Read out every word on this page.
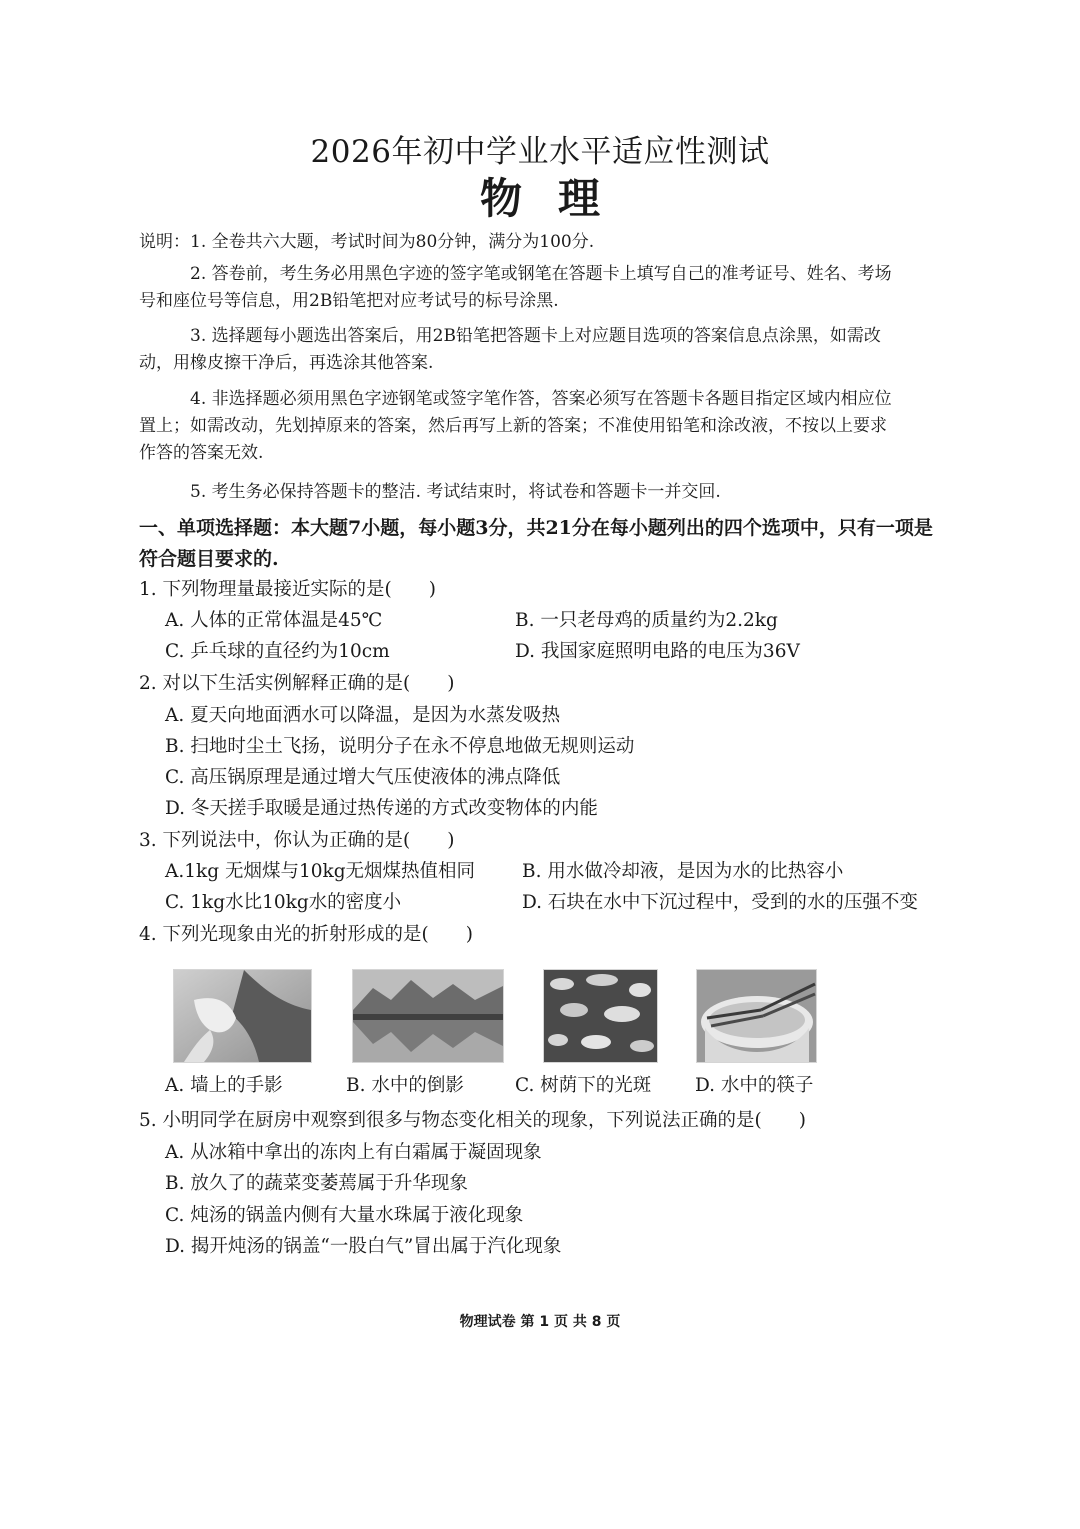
2026年初中学业水平适应性测试
物理
说明：1. 全卷共六大题，考试时间为80分钟，满分为100分.
2. 答卷前，考生务必用黑色字迹的签字笔或钢笔在答题卡上填写自己的准考证号、姓名、考场
号和座位号等信息，用2B铅笔把对应考试号的标号涂黑.
3. 选择题每小题选出答案后，用2B铅笔把答题卡上对应题目选项的答案信息点涂黑，如需改
动，用橡皮擦干净后，再选涂其他答案.
4. 非选择题必须用黑色字迹钢笔或签字笔作答，答案必须写在答题卡各题目指定区域内相应位
置上；如需改动，先划掉原来的答案，然后再写上新的答案；不准使用铅笔和涂改液，不按以上要求
作答的答案无效.
5. 考生务必保持答题卡的整洁. 考试结束时，将试卷和答题卡一并交回.
一、单项选择题：本大题7小题，每小题3分，共21分在每小题列出的四个选项中，只有一项是
符合题目要求的.
1. 下列物理量最接近实际的是(　　)
A. 人体的正常体温是45℃	B. 一只老母鸡的质量约为2.2kg
C. 乒乓球的直径约为10cm	D. 我国家庭照明电路的电压为36V
2. 对以下生活实例解释正确的是(　　)
A. 夏天向地面洒水可以降温，是因为水蒸发吸热
B. 扫地时尘土飞扬，说明分子在永不停息地做无规则运动
C. 高压锅原理是通过增大气压使液体的沸点降低
D. 冬天搓手取暖是通过热传递的方式改变物体的内能
3. 下列说法中，你认为正确的是(　　)
A.1kg 无烟煤与10kg无烟煤热值相同	B. 用水做冷却液，是因为水的比热容小
C. 1kg水比10kg水的密度小	D. 石块在水中下沉过程中，受到的水的压强不变
4. 下列光现象由光的折射形成的是(　　)
A. 墙上的手影	B. 水中的倒影	C. 树荫下的光斑 D. 水中的筷子
5. 小明同学在厨房中观察到很多与物态变化相关的现象，下列说法正确的是(　　)
A. 从冰箱中拿出的冻肉上有白霜属于凝固现象
B. 放久了的蔬菜变萎蔫属于升华现象
C. 炖汤的锅盖内侧有大量水珠属于液化现象
D. 揭开炖汤的锅盖“一股白气”冒出属于汽化现象
物理试卷 第 1 页 共 8 页
